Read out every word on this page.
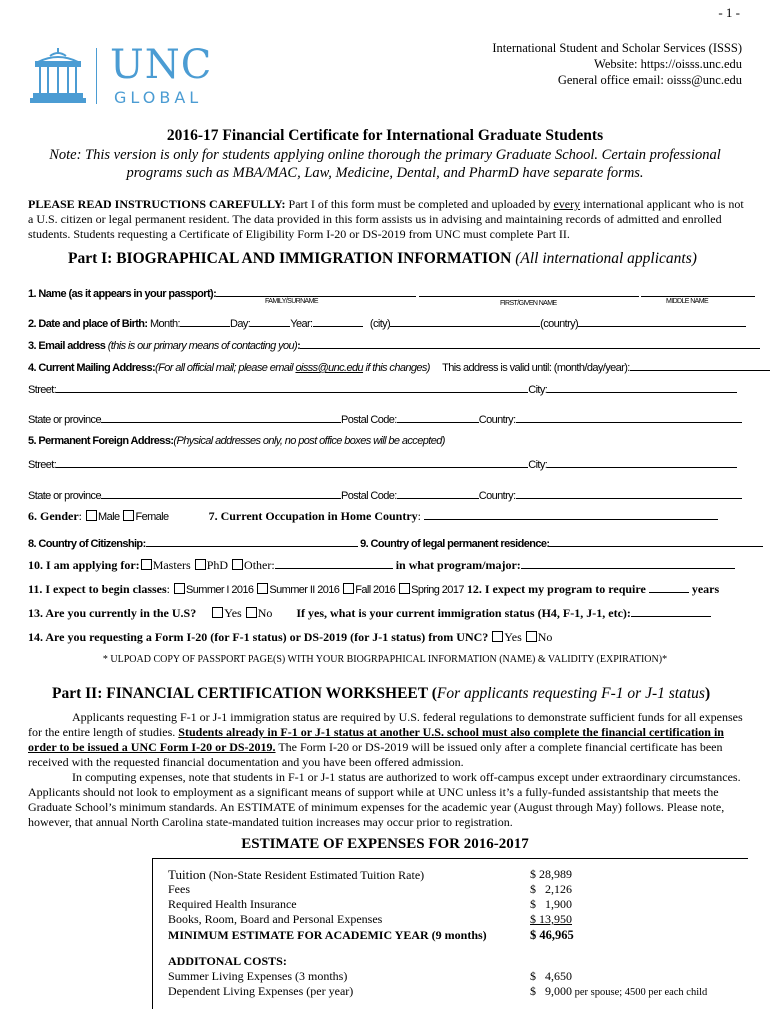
- 1 -
UNC
GLOBAL
International Student and Scholar Services (ISSS)
Website: https://oisss.unc.edu
General office email: oisss@unc.edu
2016-17 Financial Certificate for International Graduate Students
Note: This version is only for students applying online thorough the primary Graduate School. Certain professional programs such as MBA/MAC, Law, Medicine, Dental, and PharmD have separate forms.
PLEASE READ INSTRUCTIONS CAREFULLY: Part I of this form must be completed and uploaded by every international applicant who is not a U.S. citizen or legal permanent resident. The data provided in this form assists us in advising and maintaining records of admitted and enrolled students. Students requesting a Certificate of Eligibility Form I-20 or DS-2019 from UNC must complete Part II.
Part I: BIOGRAPHICAL AND IMMIGRATION INFORMATION (All international applicants)
1. Name (as it appears in your passport):
FAMILY/SURNAME	FIRST/GIVEN NAME	MIDDLE NAME
2. Date and place of Birth: Month:	Day:	Year:	(city)	(country)
3. Email address (this is our primary means of contacting you):
4. Current Mailing Address:(For all official mail; please email oisss@unc.edu if this changes) This address is valid until: (month/day/year):
Street:	City:
State or province	Postal Code:	Country:
5. Permanent Foreign Address:(Physical addresses only, no post office boxes will be accepted)
Street:	City:
State or province	Postal Code:	Country:
6. Gender: Male Female	7. Current Occupation in Home Country:
8. Country of Citizenship:	9. Country of legal permanent residence:
10. I am applying for: Masters PhD Other:	in what program/major:
11. I expect to begin classes: Summer I 2016 Summer II 2016 Fall 2016 Spring 2017 12. I expect my program to require	years
13. Are you currently in the U.S? Yes No If yes, what is your current immigration status (H4, F-1, J-1, etc):
14. Are you requesting a Form I-20 (for F-1 status) or DS-2019 (for J-1 status) from UNC? Yes No
* ULPOAD COPY OF PASSPORT PAGE(S) WITH YOUR BIOGRPAPHICAL INFORMATION (NAME) & VALIDITY (EXPIRATION)*
Part II: FINANCIAL CERTIFICATION WORKSHEET (For applicants requesting F-1 or J-1 status)
Applicants requesting F-1 or J-1 immigration status are required by U.S. federal regulations to demonstrate sufficient funds for all expenses for the entire length of studies. Students already in F-1 or J-1 status at another U.S. school must also complete the financial certification in order to be issued a UNC Form I-20 or DS-2019. The Form I-20 or DS-2019 will be issued only after a complete financial certificate has been received with the requested financial documentation and you have been offered admission.
In computing expenses, note that students in F-1 or J-1 status are authorized to work off-campus except under extraordinary circumstances. Applicants should not look to employment as a significant means of support while at UNC unless it’s a fully-funded assistantship that meets the Graduate School’s minimum standards. An ESTIMATE of minimum expenses for the academic year (August through May) follows. Please note, however, that annual North Carolina state-mandated tuition increases may occur prior to registration.
ESTIMATE OF EXPENSES FOR 2016-2017
Tuition (Non-State Resident Estimated Tuition Rate)	$ 28,989
Fees	$   2,126
Required Health Insurance	$   1,900
Books, Room, Board and Personal Expenses	$ 13,950
MINIMUM ESTIMATE FOR ACADEMIC YEAR (9 months)	$ 46,965
ADDITONAL COSTS:
Summer Living Expenses (3 months)	$   4,650
Dependent Living Expenses (per year)	$   9,000 per spouse; 4500 per each child
